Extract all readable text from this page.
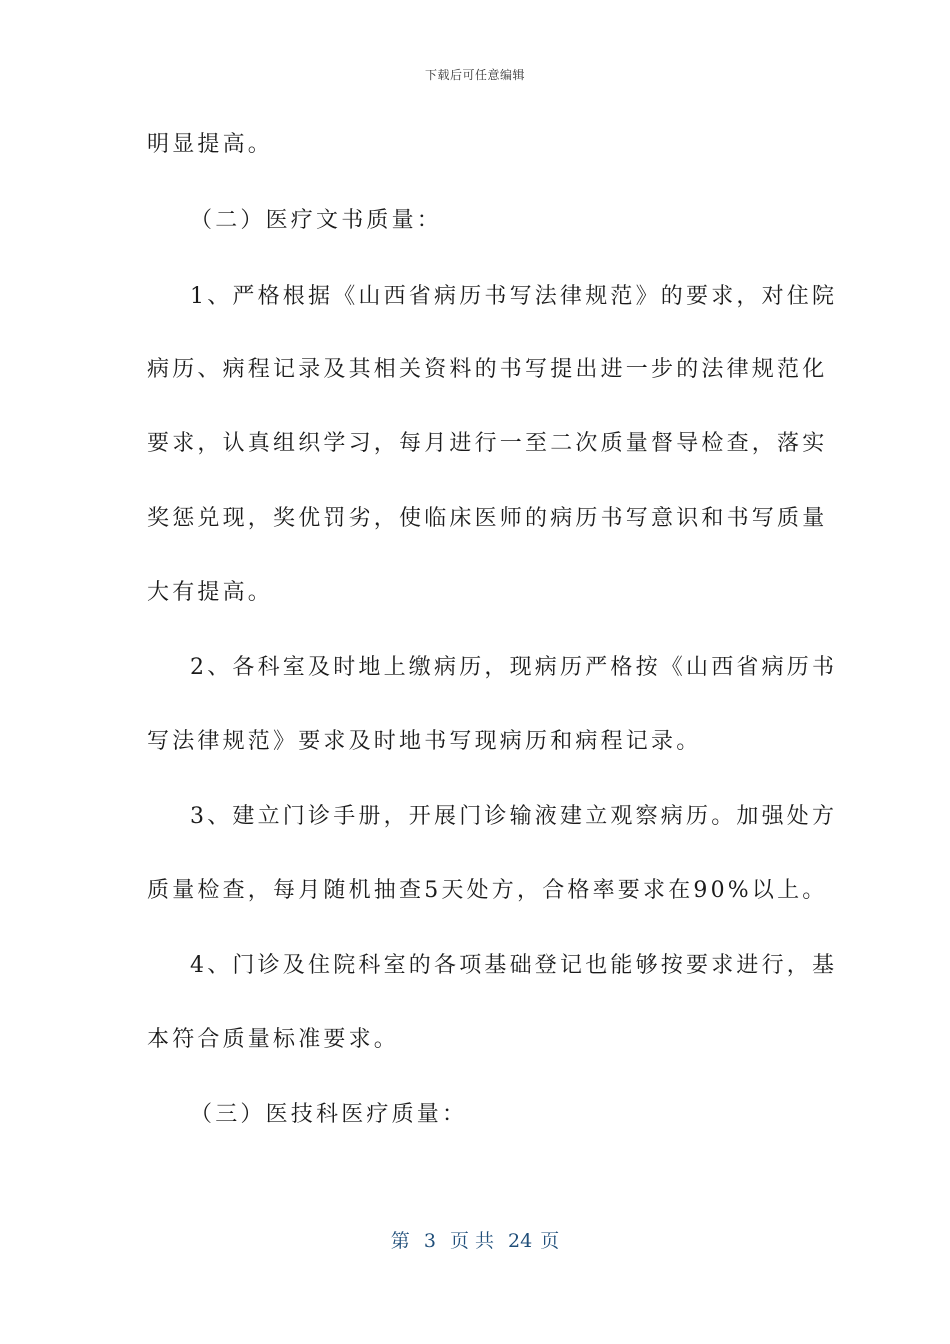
下载后可任意编辑
明显提高。
（二）医疗文书质量：
1、严格根据《山西省病历书写法律规范》的要求，对住院
病历、病程记录及其相关资料的书写提出进一步的法律规范化
要求，认真组织学习，每月进行一至二次质量督导检查，落实
奖惩兑现，奖优罚劣，使临床医师的病历书写意识和书写质量
大有提高。
2、各科室及时地上缴病历，现病历严格按《山西省病历书
写法律规范》要求及时地书写现病历和病程记录。
3、建立门诊手册，开展门诊输液建立观察病历。加强处方
质量检查，每月随机抽查5天处方，合格率要求在90%以上。
4、门诊及住院科室的各项基础登记也能够按要求进行，基
本符合质量标准要求。
（三）医技科医疗质量：
第 3 页 共 24 页
